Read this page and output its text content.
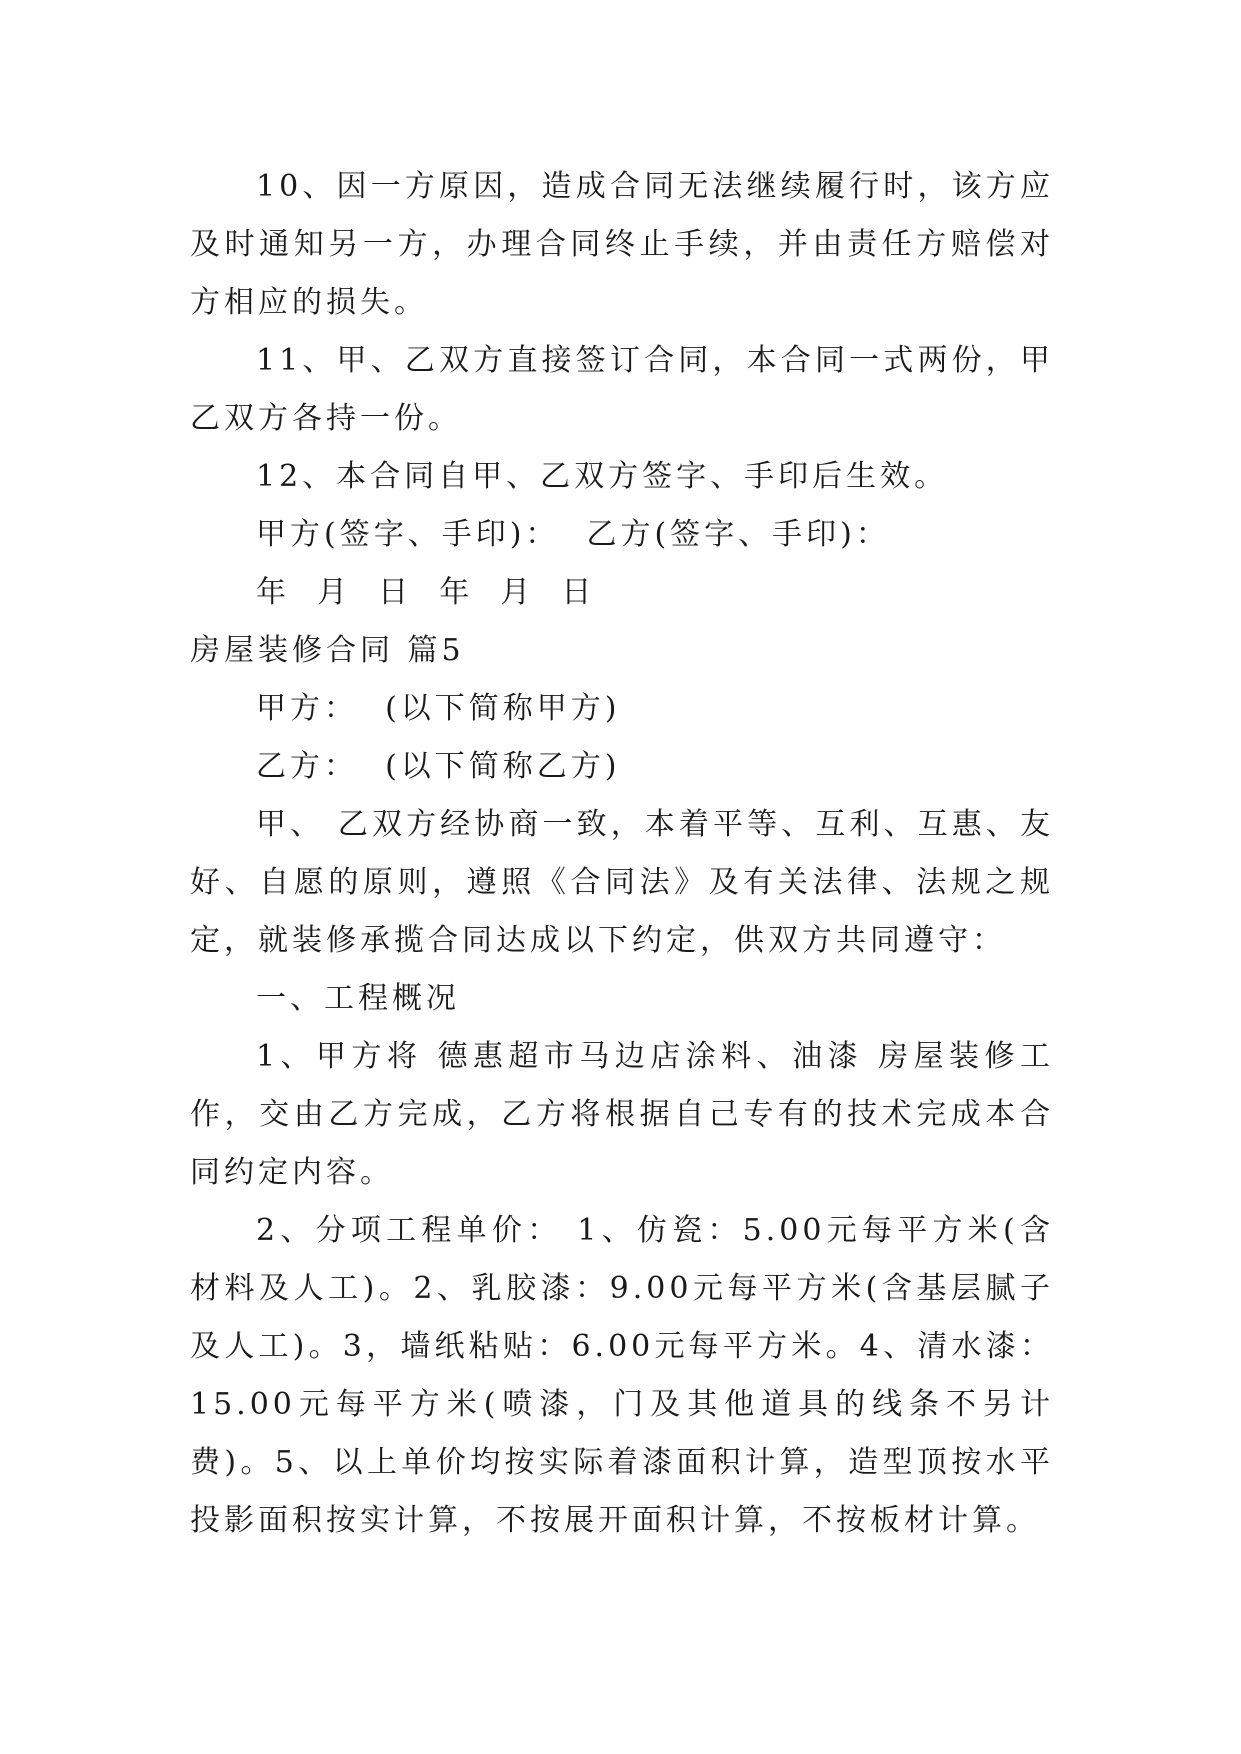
10、因一方原因，造成合同无法继续履行时，该方应及时通知另一方，办理合同终止手续，并由责任方赔偿对方相应的损失。

11、甲、乙双方直接签订合同，本合同一式两份，甲乙双方各持一份。

12、本合同自甲、乙双方签字、手印后生效。

甲方(签字、手印)：  乙方(签字、手印)：

年  月  日  年  月  日

房屋装修合同 篇5

甲方：  (以下简称甲方)

乙方：  (以下简称乙方)

甲、 乙双方经协商一致，本着平等、互利、互惠、友好、自愿的原则，遵照《合同法》及有关法律、法规之规定，就装修承揽合同达成以下约定，供双方共同遵守：

一、工程概况

1、甲方将 德惠超市马边店涂料、油漆 房屋装修工作，交由乙方完成，乙方将根据自己专有的技术完成本合同约定内容。

2、分项工程单价： 1、仿瓷：5.00元每平方米(含材料及人工)。2、乳胶漆：9.00元每平方米(含基层腻子及人工)。3，墙纸粘贴：6.00元每平方米。4、清水漆：15.00元每平方米(喷漆，门及其他道具的线条不另计费)。5、以上单价均按实际着漆面积计算，造型顶按水平投影面积按实计算，不按展开面积计算，不按板材计算。
